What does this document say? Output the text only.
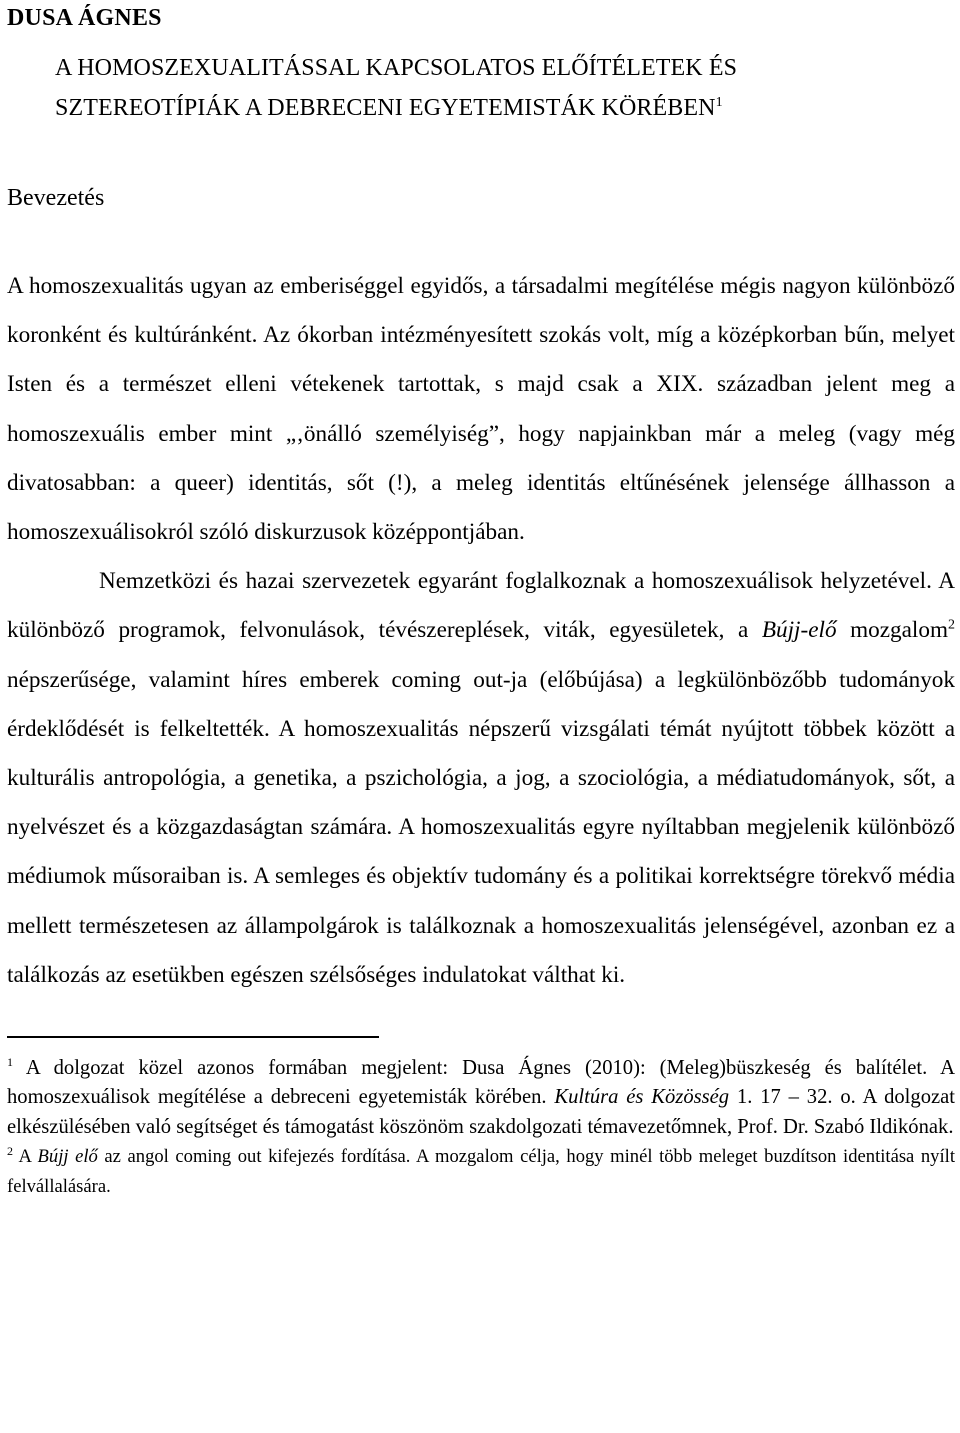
DUSA ÁGNES
A HOMOSZEXUALITÁSSAL KAPCSOLATOS ELŐÍTÉLETEK ÉS
SZTEREOTÍPIÁK A DEBRECENI EGYETEMISTÁK KÖRÉBEN$^1$
Bevezetés

A homoszexualitás ugyan az emberiséggel egyidős, a társadalmi megítélése mégis nagyon különböző koronként és kultúránként. Az ókorban intézményesített szokás volt, míg a középkorban bűn, melyet Isten és a természet elleni vétekenek tartottak, s majd csak a XIX. században jelent meg a homoszexuális ember mint „‚önálló személyiség”, hogy napjainkban már a meleg (vagy még divatosabban: a queer) identitás, sőt (!), a meleg identitás eltűnésének jelensége állhasson a homoszexuálisokról szóló diskurzusok középpontjában.

Nemzetközi és hazai szervezetek egyaránt foglalkoznak a homoszexuálisok helyzetével. A különböző programok, felvonulások, tévészereplések, viták, egyesületek, a Bújj-elő mozgalom$^2$ népszerűsége, valamint híres emberek coming out-ja (előbújása) a legkülönbözőbb tudományok érdeklődését is felkeltették. A homoszexualitás népszerű vizsgálati témát nyújtott többek között a kulturális antropológia, a genetika, a pszichológia, a jog, a szociológia, a médiatudományok, sőt, a nyelvészet és a közgazdaságtan számára. A homoszexualitás egyre nyíltabban megjelenik különböző médiumok műsoraiban is. A semleges és objektív tudomány és a politikai korrektségre törekvő média mellett természetesen az állampolgárok is találkoznak a homoszexualitás jelenségével, azonban ez a találkozás az esetükben egészen szélsőséges indulatokat válthat ki.

$^1$ A dolgozat közel azonos formában megjelent: Dusa Ágnes (2010): (Meleg)büszkeség és balítélet. A homoszexuálisok megítélése a debreceni egyetemisták körében. Kultúra és Közösség 1. 17 – 32. o. A dolgozat elkészülésében való segítséget és támogatást köszönöm szakdolgozati témavezetőmnek, Prof. Dr. Szabó Ildikónak.

$^2$ A Bújj elő az angol coming out kifejezés fordítása. A mozgalom célja, hogy minél több meleget buzdítson identitása nyílt felvállalására.
